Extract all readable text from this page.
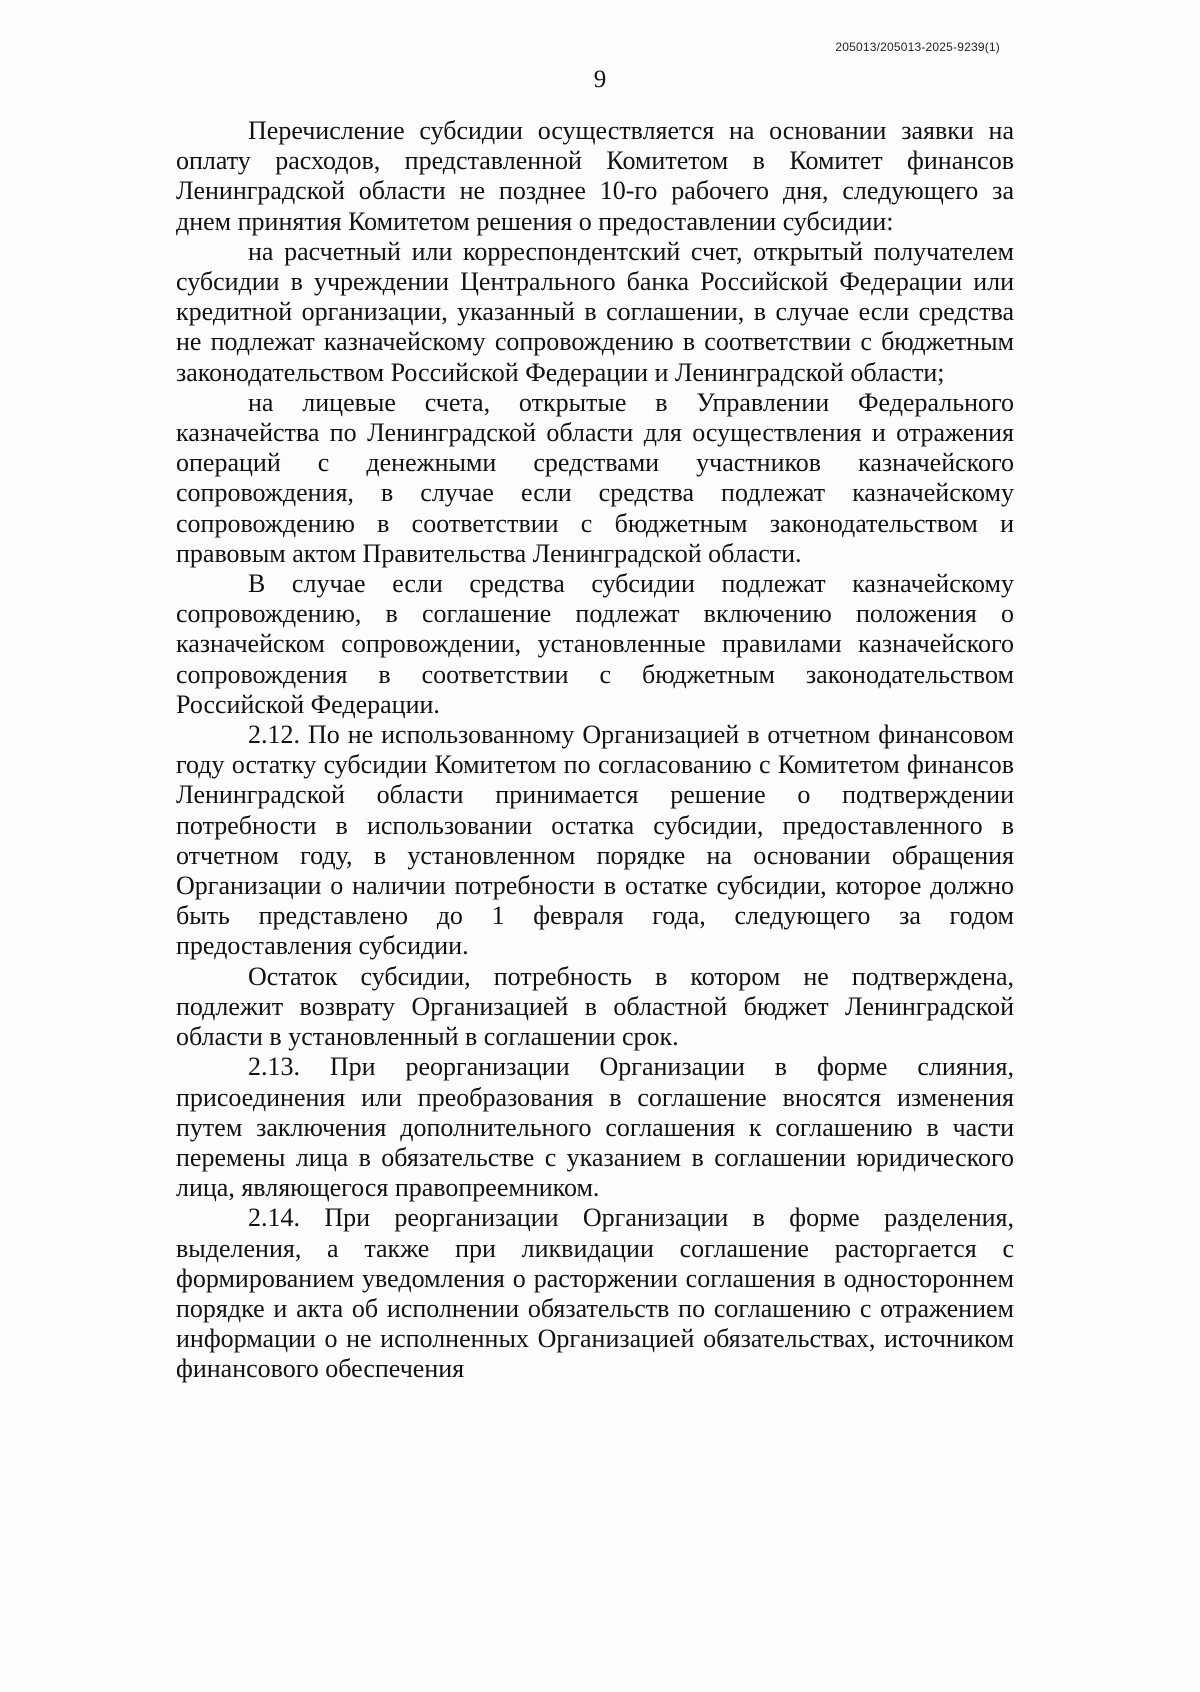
205013/205013-2025-9239(1)
9

Перечисление субсидии осуществляется на основании заявки на оплату расходов, представленной Комитетом в Комитет финансов Ленинградской области не позднее 10-го рабочего дня, следующего за днем принятия Комитетом решения о предоставлении субсидии:

на расчетный или корреспондентский счет, открытый получателем субсидии в учреждении Центрального банка Российской Федерации или кредитной организации, указанный в соглашении, в случае если средства не подлежат казначейскому сопровождению в соответствии с бюджетным законодательством Российской Федерации и Ленинградской области;

на лицевые счета, открытые в Управлении Федерального казначейства по Ленинградской области для осуществления и отражения операций с денежными средствами участников казначейского сопровождения, в случае если средства подлежат казначейскому сопровождению в соответствии с бюджетным законодательством и правовым актом Правительства Ленинградской области.

В случае если средства субсидии подлежат казначейскому сопровождению, в соглашение подлежат включению положения о казначейском сопровождении, установленные правилами казначейского сопровождения в соответствии с бюджетным законодательством Российской Федерации.

2.12. По не использованному Организацией в отчетном финансовом году остатку субсидии Комитетом по согласованию с Комитетом финансов Ленинградской области принимается решение о подтверждении потребности в использовании остатка субсидии, предоставленного в отчетном году, в установленном порядке на основании обращения Организации о наличии потребности в остатке субсидии, которое должно быть представлено до 1 февраля года, следующего за годом предоставления субсидии.

Остаток субсидии, потребность в котором не подтверждена, подлежит возврату Организацией в областной бюджет Ленинградской области в установленный в соглашении срок.

2.13. При реорганизации Организации в форме слияния, присоединения или преобразования в соглашение вносятся изменения путем заключения дополнительного соглашения к соглашению в части перемены лица в обязательстве с указанием в соглашении юридического лица, являющегося правопреемником.

2.14. При реорганизации Организации в форме разделения, выделения, а также при ликвидации соглашение расторгается с формированием уведомления о расторжении соглашения в одностороннем порядке и акта об исполнении обязательств по соглашению с отражением информации о не исполненных Организацией обязательствах, источником финансового обеспечения
